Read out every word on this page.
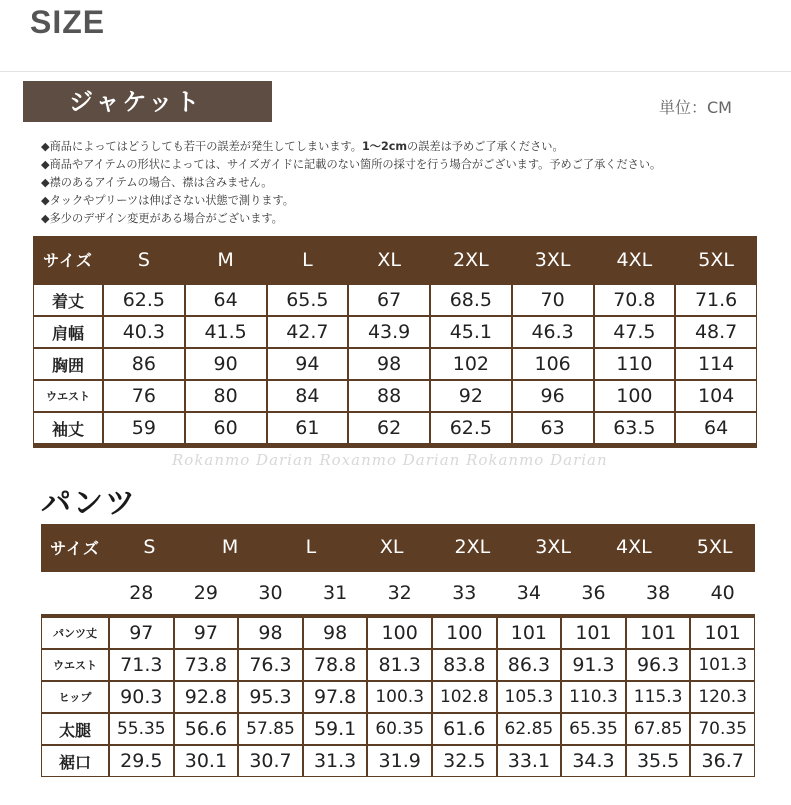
SIZE
ジャケット	単位：CM
◆商品によってはどうしても若干の誤差が発生してしまいます。1～2cmの誤差は予めご了承ください。
◆商品やアイテムの形状によっては、サイズガイドに記載のない箇所の採寸を行う場合がございます。予めご了承ください。
◆襟のあるアイテムの場合、襟は含みません。
◆タックやプリーツは伸ばさない状態で測ります。
◆多少のデザイン変更がある場合がございます。
サイズ	S	M	L	XL	2XL	3XL	4XL	5XL
着丈	62.5	64	65.5	67	68.5	70	70.8	71.6
肩幅	40.3	41.5	42.7	43.9	45.1	46.3	47.5	48.7
胸囲	86	90	94	98	102	106	110	114
ウエスト	76	80	84	88	92	96	100	104
袖丈	59	60	61	62	62.5	63	63.5	64
Rokanmo Darian Roxanmo Darian Rokanmo Darian
パンツ
サイズ	S	M	L	XL	2XL	3XL	4XL	5XL
28	29	30	31	32	33	34	36	38	40
パンツ丈	97	97	98	98	100	100	101	101	101	101
ウエスト	71.3	73.8	76.3	78.8	81.3	83.8	86.3	91.3	96.3	101.3
ヒップ	90.3	92.8	95.3	97.8	100.3 102.8 105.3 110.3 115.3 120.3
太腿	55.35	56.6	57.85	59.1	60.35	61.6	62.85 65.35 67.85 70.35
裾口	29.5	30.1	30.7	31.3	31.9	32.5	33.1	34.3	35.5	36.7
